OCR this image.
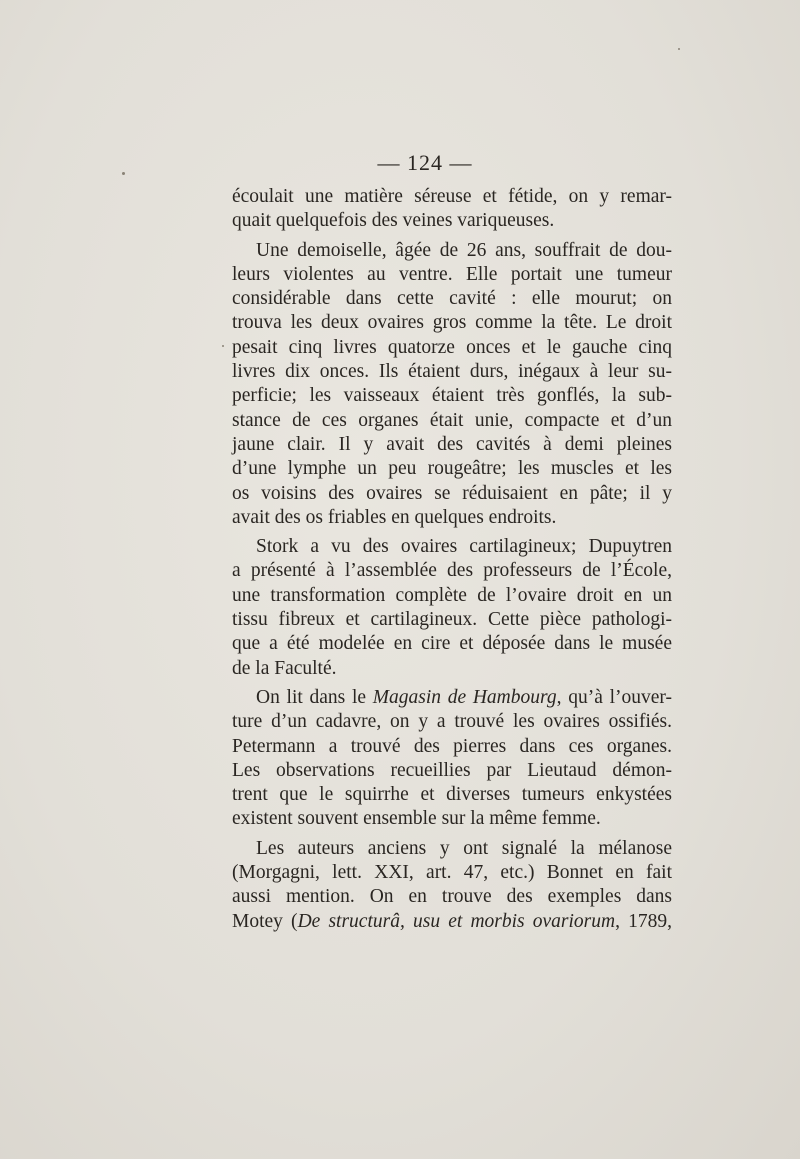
— 124 —

écoulait une matière séreuse et fétide, on y remar-
quait quelquefois des veines variqueuses.

Une demoiselle, âgée de 26 ans, souffrait de dou-
leurs violentes au ventre. Elle portait une tumeur
considérable dans cette cavité : elle mourut; on
trouva les deux ovaires gros comme la tête. Le droit
pesait cinq livres quatorze onces et le gauche cinq
livres dix onces. Ils étaient durs, inégaux à leur su-
perficie; les vaisseaux étaient très gonflés, la sub-
stance de ces organes était unie, compacte et d’un
jaune clair. Il y avait des cavités à demi pleines
d’une lymphe un peu rougeâtre; les muscles et les
os voisins des ovaires se réduisaient en pâte; il y
avait des os friables en quelques endroits.

Stork a vu des ovaires cartilagineux; Dupuytren
a présenté à l’assemblée des professeurs de l’École,
une transformation complète de l’ovaire droit en un
tissu fibreux et cartilagineux. Cette pièce pathologi-
que a été modelée en cire et déposée dans le musée
de la Faculté.

On lit dans le Magasin de Hambourg, qu’à l’ouver-
ture d’un cadavre, on y a trouvé les ovaires ossifiés.
Petermann a trouvé des pierres dans ces organes.
Les observations recueillies par Lieutaud démon-
trent que le squirrhe et diverses tumeurs enkystées
existent souvent ensemble sur la même femme.

Les auteurs anciens y ont signalé la mélanose
(Morgagni, lett. XXI, art. 47, etc.) Bonnet en fait
aussi mention. On en trouve des exemples dans
Motey (De structurâ, usu et morbis ovariorum, 1789,
